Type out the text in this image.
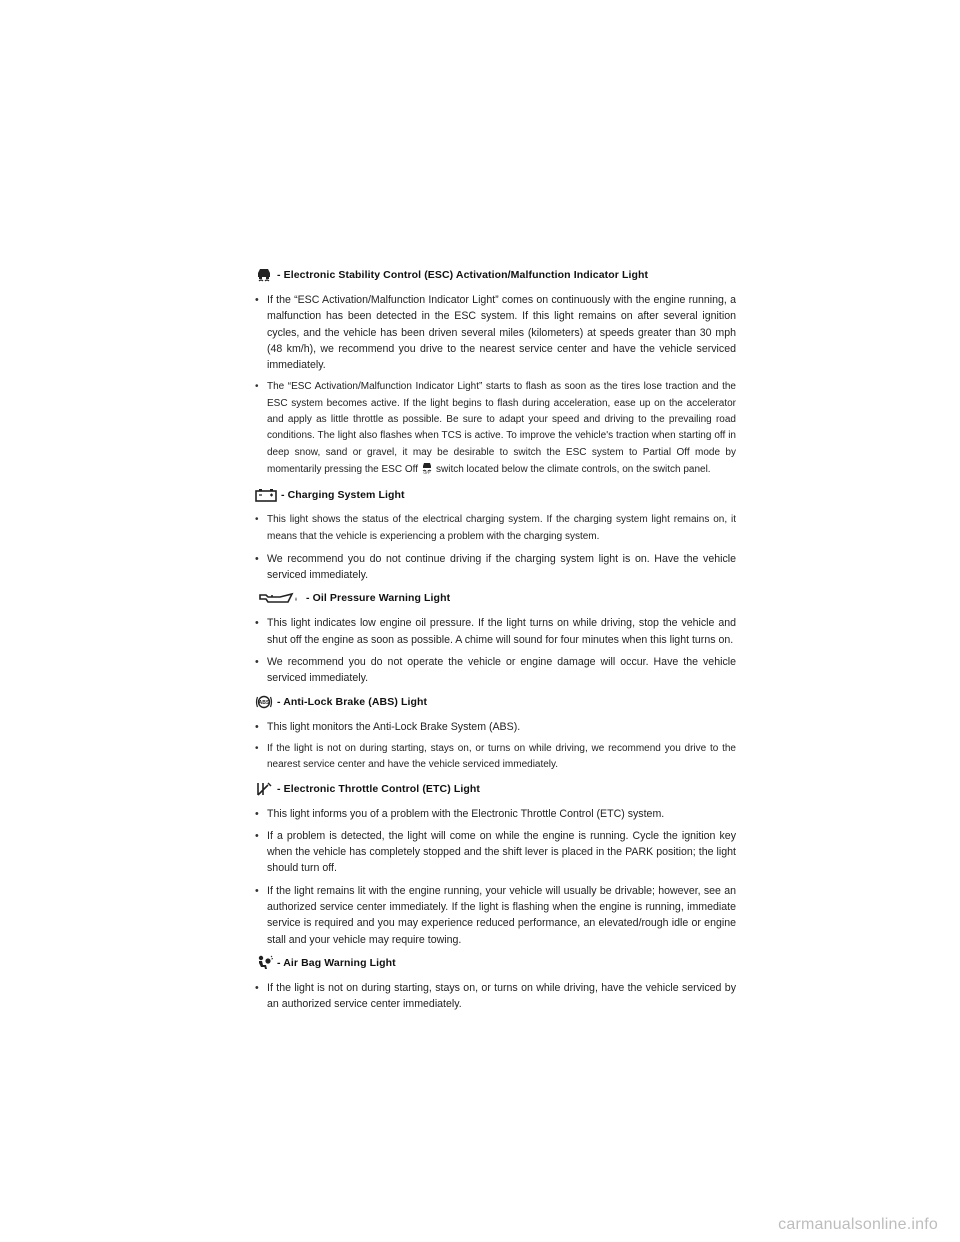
- Electronic Stability Control (ESC) Activation/Malfunction Indicator Light

• If the “ESC Activation/Malfunction Indicator Light” comes on continuously with the engine running, a malfunction has been detected in the ESC system. If this light remains on after several ignition cycles, and the vehicle has been driven several miles (kilometers) at speeds greater than 30 mph (48 km/h), we recommend you drive to the nearest service center and have the vehicle serviced immediately.

• The “ESC Activation/Malfunction Indicator Light” starts to flash as soon as the tires lose traction and the ESC system becomes active. If the light begins to flash during acceleration, ease up on the accelerator and apply as little throttle as possible. Be sure to adapt your speed and driving to the prevailing road conditions. The light also flashes when TCS is active. To improve the vehicle's traction when starting off in deep snow, sand or gravel, it may be desirable to switch the ESC system to Partial Off mode by momentarily pressing the ESC Off OFF switch located below the climate controls, on the switch panel.

- Charging System Light

• This light shows the status of the electrical charging system. If the charging system light remains on, it means that the vehicle is experiencing a problem with the charging system.

• We recommend you do not continue driving if the charging system light is on. Have the vehicle serviced immediately.

- Oil Pressure Warning Light

• This light indicates low engine oil pressure. If the light turns on while driving, stop the vehicle and shut off the engine as soon as possible. A chime will sound for four minutes when this light turns on.

• We recommend you do not operate the vehicle or engine damage will occur. Have the vehicle serviced immediately.

ABS - Anti-Lock Brake (ABS) Light

• This light monitors the Anti-Lock Brake System (ABS).

• If the light is not on during starting, stays on, or turns on while driving, we recommend you drive to the nearest service center and have the vehicle serviced immediately.

- Electronic Throttle Control (ETC) Light

• This light informs you of a problem with the Electronic Throttle Control (ETC) system.

• If a problem is detected, the light will come on while the engine is running. Cycle the ignition key when the vehicle has completely stopped and the shift lever is placed in the PARK position; the light should turn off.

• If the light remains lit with the engine running, your vehicle will usually be drivable; however, see an authorized service center immediately. If the light is flashing when the engine is running, immediate service is required and you may experience reduced performance, an elevated/rough idle or engine stall and your vehicle may require towing.

- Air Bag Warning Light

• If the light is not on during starting, stays on, or turns on while driving, have the vehicle serviced by an authorized service center immediately.

carmanualsonline.info
